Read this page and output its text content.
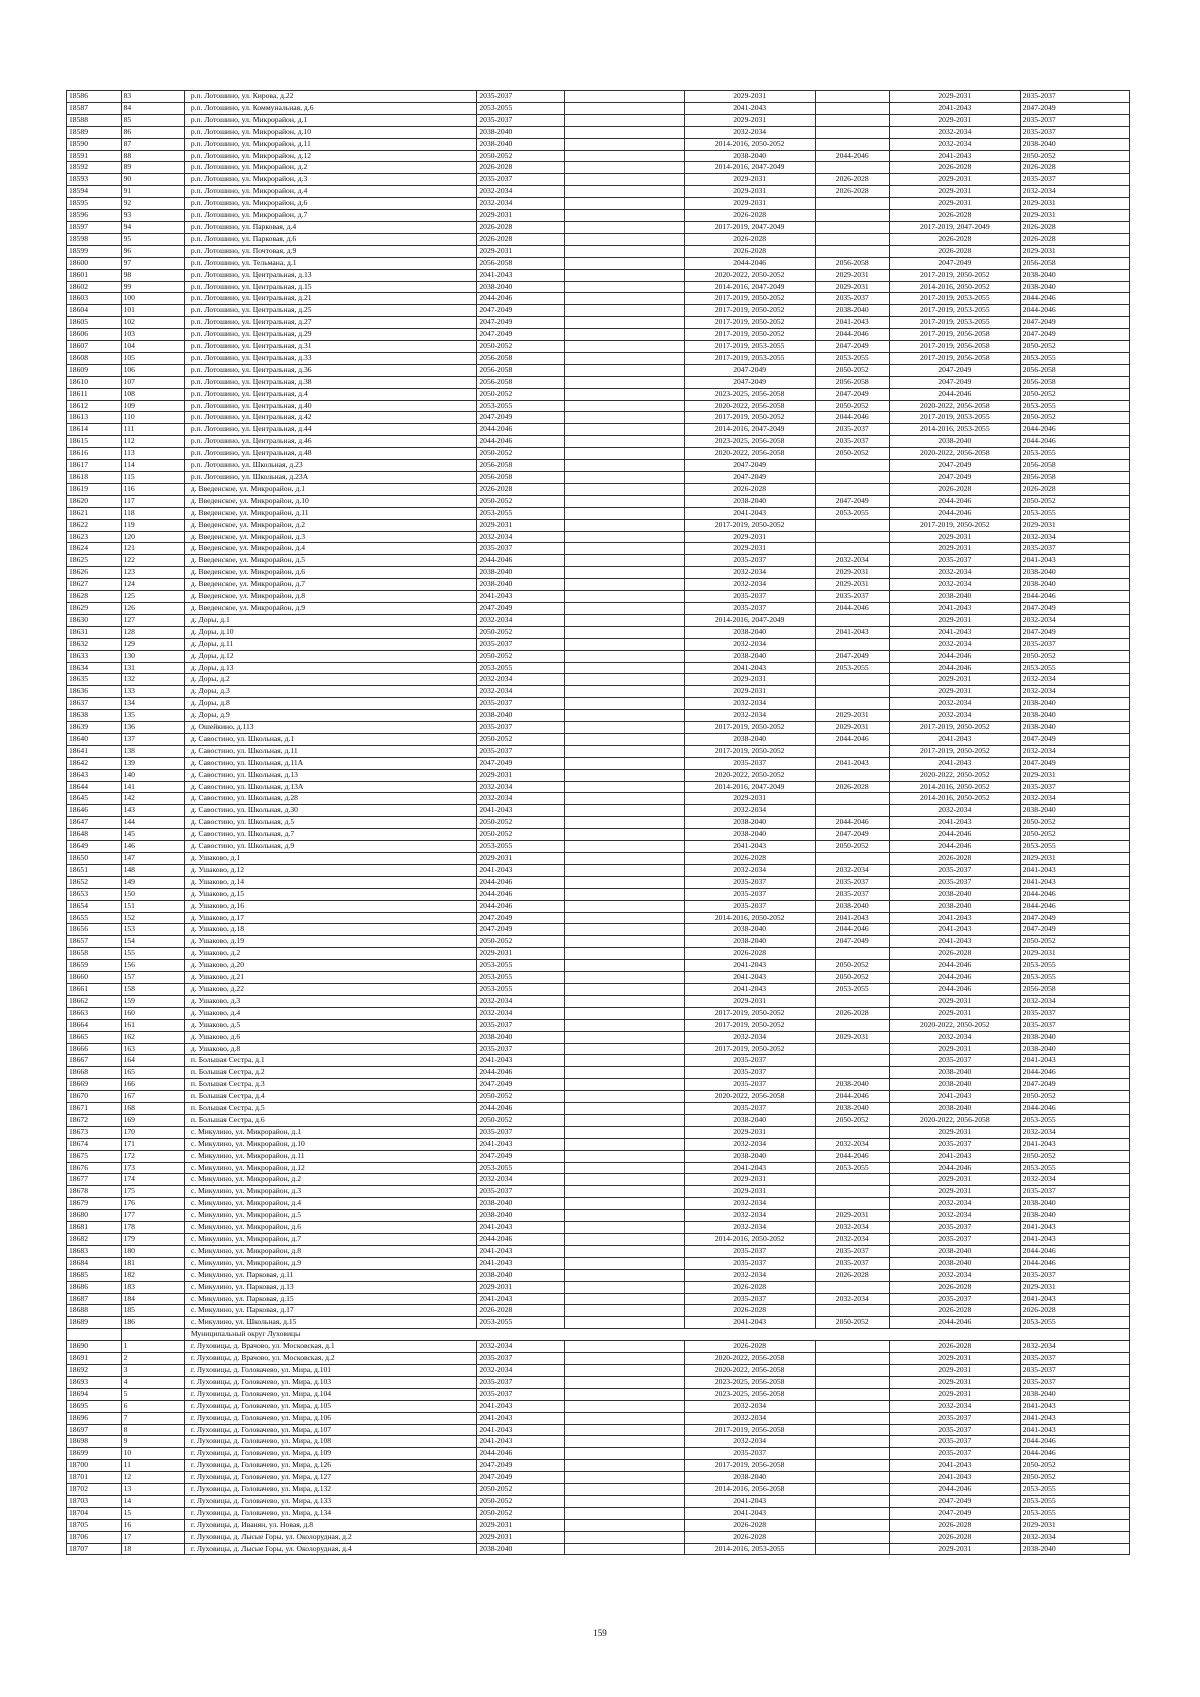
18586	83	р.п. Лотошино, ул. Кирова, д.22	2035-2037		2029-2031		2029-2031	2035-2037
18587	84	р.п. Лотошино, ул. Коммунальная, д.6	2053-2055		2041-2043		2041-2043	2047-2049
18588	85	р.п. Лотошино, ул. Микрорайон, д.1	2035-2037		2029-2031		2029-2031	2035-2037
18589	86	р.п. Лотошино, ул. Микрорайон, д.10	2038-2040		2032-2034		2032-2034	2035-2037
18590	87	р.п. Лотошино, ул. Микрорайон, д.11	2038-2040		2014-2016, 2050-2052		2032-2034	2038-2040
18591	88	р.п. Лотошино, ул. Микрорайон, д.12	2050-2052		2038-2040	2044-2046	2041-2043	2050-2052
18592	89	р.п. Лотошино, ул. Микрорайон, д.2	2026-2028		2014-2016, 2047-2049		2026-2028	2026-2028
18593	90	р.п. Лотошино, ул. Микрорайон, д.3	2035-2037		2029-2031	2026-2028	2029-2031	2035-2037
18594	91	р.п. Лотошино, ул. Микрорайон, д.4	2032-2034		2029-2031	2026-2028	2029-2031	2032-2034
18595	92	р.п. Лотошино, ул. Микрорайон, д.6	2032-2034		2029-2031		2029-2031	2029-2031
18596	93	р.п. Лотошино, ул. Микрорайон, д.7	2029-2031		2026-2028		2026-2028	2029-2031
18597	94	р.п. Лотошино, ул. Парковая, д.4	2026-2028		2017-2019, 2047-2049		2017-2019, 2047-2049	2026-2028
18598	95	р.п. Лотошино, ул. Парковая, д.6	2026-2028		2026-2028		2026-2028	2026-2028
18599	96	р.п. Лотошино, ул. Почтовая, д.9	2029-2031		2026-2028		2026-2028	2029-2031
18600	97	р.п. Лотошино, ул. Тельмана, д.1	2056-2058		2044-2046	2056-2058	2047-2049	2056-2058
18601	98	р.п. Лотошино, ул. Центральная, д.13	2041-2043		2020-2022, 2050-2052	2029-2031	2017-2019, 2050-2052	2038-2040
18602	99	р.п. Лотошино, ул. Центральная, д.15	2038-2040		2014-2016, 2047-2049	2029-2031	2014-2016, 2050-2052	2038-2040
18603	100	р.п. Лотошино, ул. Центральная, д.21	2044-2046		2017-2019, 2050-2052	2035-2037	2017-2019, 2053-2055	2044-2046
18604	101	р.п. Лотошино, ул. Центральная, д.25	2047-2049		2017-2019, 2050-2052	2038-2040	2017-2019, 2053-2055	2044-2046
18605	102	р.п. Лотошино, ул. Центральная, д.27	2047-2049		2017-2019, 2050-2052	2041-2043	2017-2019, 2053-2055	2047-2049
18606	103	р.п. Лотошино, ул. Центральная, д.29	2047-2049		2017-2019, 2050-2052	2044-2046	2017-2019, 2056-2058	2047-2049
18607	104	р.п. Лотошино, ул. Центральная, д.31	2050-2052		2017-2019, 2053-2055	2047-2049	2017-2019, 2056-2058	2050-2052
18608	105	р.п. Лотошино, ул. Центральная, д.33	2056-2058		2017-2019, 2053-2055	2053-2055	2017-2019, 2056-2058	2053-2055
18609	106	р.п. Лотошино, ул. Центральная, д.36	2056-2058		2047-2049	2050-2052	2047-2049	2056-2058
18610	107	р.п. Лотошино, ул. Центральная, д.38	2056-2058		2047-2049	2056-2058	2047-2049	2056-2058
18611	108	р.п. Лотошино, ул. Центральная, д.4	2050-2052		2023-2025, 2056-2058	2047-2049	2044-2046	2050-2052
18612	109	р.п. Лотошино, ул. Центральная, д.40	2053-2055		2020-2022, 2056-2058	2050-2052	2020-2022, 2056-2058	2053-2055
18613	110	р.п. Лотошино, ул. Центральная, д.42	2047-2049		2017-2019, 2050-2052	2044-2046	2017-2019, 2053-2055	2050-2052
18614	111	р.п. Лотошино, ул. Центральная, д.44	2044-2046		2014-2016, 2047-2049	2035-2037	2014-2016, 2053-2055	2044-2046
18615	112	р.п. Лотошино, ул. Центральная, д.46	2044-2046		2023-2025, 2056-2058	2035-2037	2038-2040	2044-2046
18616	113	р.п. Лотошино, ул. Центральная, д.48	2050-2052		2020-2022, 2056-2058	2050-2052	2020-2022, 2056-2058	2053-2055
18617	114	р.п. Лотошино, ул. Школьная, д.23	2056-2058		2047-2049		2047-2049	2056-2058
18618	115	р.п. Лотошино, ул. Школьная, д.23А	2056-2058		2047-2049		2047-2049	2056-2058
18619	116	д. Введенское, ул. Микрорайон, д.1	2026-2028		2026-2028		2026-2028	2026-2028
18620	117	д. Введенское, ул. Микрорайон, д.10	2050-2052		2038-2040	2047-2049	2044-2046	2050-2052
18621	118	д. Введенское, ул. Микрорайон, д.11	2053-2055		2041-2043	2053-2055	2044-2046	2053-2055
18622	119	д. Введенское, ул. Микрорайон, д.2	2029-2031		2017-2019, 2050-2052		2017-2019, 2050-2052	2029-2031
18623	120	д. Введенское, ул. Микрорайон, д.3	2032-2034		2029-2031		2029-2031	2032-2034
18624	121	д. Введенское, ул. Микрорайон, д.4	2035-2037		2029-2031		2029-2031	2035-2037
18625	122	д. Введенское, ул. Микрорайон, д.5	2044-2046		2035-2037	2032-2034	2035-2037	2041-2043
18626	123	д. Введенское, ул. Микрорайон, д.6	2038-2040		2032-2034	2029-2031	2032-2034	2038-2040
18627	124	д. Введенское, ул. Микрорайон, д.7	2038-2040		2032-2034	2029-2031	2032-2034	2038-2040
18628	125	д. Введенское, ул. Микрорайон, д.8	2041-2043		2035-2037	2035-2037	2038-2040	2044-2046
18629	126	д. Введенское, ул. Микрорайон, д.9	2047-2049		2035-2037	2044-2046	2041-2043	2047-2049
18630	127	д. Доры, д.1	2032-2034		2014-2016, 2047-2049		2029-2031	2032-2034
18631	128	д. Доры, д.10	2050-2052		2038-2040	2041-2043	2041-2043	2047-2049
18632	129	д. Доры, д.11	2035-2037		2032-2034		2032-2034	2035-2037
18633	130	д. Доры, д.12	2050-2052		2038-2040	2047-2049	2044-2046	2050-2052
18634	131	д. Доры, д.13	2053-2055		2041-2043	2053-2055	2044-2046	2053-2055
18635	132	д. Доры, д.2	2032-2034		2029-2031		2029-2031	2032-2034
18636	133	д. Доры, д.3	2032-2034		2029-2031		2029-2031	2032-2034
18637	134	д. Доры, д.8	2035-2037		2032-2034		2032-2034	2038-2040
18638	135	д. Доры, д.9	2038-2040		2032-2034	2029-2031	2032-2034	2038-2040
18639	136	д. Ошейкино, д.113	2035-2037		2017-2019, 2050-2052	2029-2031	2017-2019, 2050-2052	2038-2040
18640	137	д. Савостино, ул. Школьная, д.1	2050-2052		2038-2040	2044-2046	2041-2043	2047-2049
18641	138	д. Савостино, ул. Школьная, д.11	2035-2037		2017-2019, 2050-2052		2017-2019, 2050-2052	2032-2034
18642	139	д. Савостино, ул. Школьная, д.11А	2047-2049		2035-2037	2041-2043	2041-2043	2047-2049
18643	140	д. Савостино, ул. Школьная, д.13	2029-2031		2020-2022, 2050-2052		2020-2022, 2050-2052	2029-2031
18644	141	д. Савостино, ул. Школьная, д.13А	2032-2034		2014-2016, 2047-2049	2026-2028	2014-2016, 2050-2052	2035-2037
18645	142	д. Савостино, ул. Школьная, д.28	2032-2034		2029-2031		2014-2016, 2050-2052	2032-2034
18646	143	д. Савостино, ул. Школьная, д.30	2041-2043		2032-2034		2032-2034	2038-2040
18647	144	д. Савостино, ул. Школьная, д.5	2050-2052		2038-2040	2044-2046	2041-2043	2050-2052
18648	145	д. Савостино, ул. Школьная, д.7	2050-2052		2038-2040	2047-2049	2044-2046	2050-2052
18649	146	д. Савостино, ул. Школьная, д.9	2053-2055		2041-2043	2050-2052	2044-2046	2053-2055
18650	147	д. Ушаково, д.1	2029-2031		2026-2028		2026-2028	2029-2031
18651	148	д. Ушаково, д.12	2041-2043		2032-2034	2032-2034	2035-2037	2041-2043
18652	149	д. Ушаково, д.14	2044-2046		2035-2037	2035-2037	2035-2037	2041-2043
18653	150	д. Ушаково, д.15	2044-2046		2035-2037	2035-2037	2038-2040	2044-2046
18654	151	д. Ушаково, д.16	2044-2046		2035-2037	2038-2040	2038-2040	2044-2046
18655	152	д. Ушаково, д.17	2047-2049		2014-2016, 2050-2052	2041-2043	2041-2043	2047-2049
18656	153	д. Ушаково, д.18	2047-2049		2038-2040	2044-2046	2041-2043	2047-2049
18657	154	д. Ушаково, д.19	2050-2052		2038-2040	2047-2049	2041-2043	2050-2052
18658	155	д. Ушаково, д.2	2029-2031		2026-2028		2026-2028	2029-2031
18659	156	д. Ушаково, д.20	2053-2055		2041-2043	2050-2052	2044-2046	2053-2055
18660	157	д. Ушаково, д.21	2053-2055		2041-2043	2050-2052	2044-2046	2053-2055
18661	158	д. Ушаково, д.22	2053-2055		2041-2043	2053-2055	2044-2046	2056-2058
18662	159	д. Ушаково, д.3	2032-2034		2029-2031		2029-2031	2032-2034
18663	160	д. Ушаково, д.4	2032-2034		2017-2019, 2050-2052	2026-2028	2029-2031	2035-2037
18664	161	д. Ушаково, д.5	2035-2037		2017-2019, 2050-2052		2020-2022, 2050-2052	2035-2037
18665	162	д. Ушаково, д.6	2038-2040		2032-2034	2029-2031	2032-2034	2038-2040
18666	163	д. Ушаково, д.8	2035-2037		2017-2019, 2050-2052		2029-2031	2038-2040
18667	164	п. Большая Сестра, д.1	2041-2043		2035-2037		2035-2037	2041-2043
18668	165	п. Большая Сестра, д.2	2044-2046		2035-2037		2038-2040	2044-2046
18669	166	п. Большая Сестра, д.3	2047-2049		2035-2037	2038-2040	2038-2040	2047-2049
18670	167	п. Большая Сестра, д.4	2050-2052		2020-2022, 2056-2058	2044-2046	2041-2043	2050-2052
18671	168	п. Большая Сестра, д.5	2044-2046		2035-2037	2038-2040	2038-2040	2044-2046
18672	169	п. Большая Сестра, д.6	2050-2052		2038-2040	2050-2052	2020-2022, 2056-2058	2053-2055
18673	170	с. Микулино, ул. Микрорайон, д.1	2035-2037		2029-2031		2029-2031	2032-2034
18674	171	с. Микулино, ул. Микрорайон, д.10	2041-2043		2032-2034	2032-2034	2035-2037	2041-2043
18675	172	с. Микулино, ул. Микрорайон, д.11	2047-2049		2038-2040	2044-2046	2041-2043	2050-2052
18676	173	с. Микулино, ул. Микрорайон, д.12	2053-2055		2041-2043	2053-2055	2044-2046	2053-2055
18677	174	с. Микулино, ул. Микрорайон, д.2	2032-2034		2029-2031		2029-2031	2032-2034
18678	175	с. Микулино, ул. Микрорайон, д.3	2035-2037		2029-2031		2029-2031	2035-2037
18679	176	с. Микулино, ул. Микрорайон, д.4	2038-2040		2032-2034		2032-2034	2038-2040
18680	177	с. Микулино, ул. Микрорайон, д.5	2038-2040		2032-2034	2029-2031	2032-2034	2038-2040
18681	178	с. Микулино, ул. Микрорайон, д.6	2041-2043		2032-2034	2032-2034	2035-2037	2041-2043
18682	179	с. Микулино, ул. Микрорайон, д.7	2044-2046		2014-2016, 2050-2052	2032-2034	2035-2037	2041-2043
18683	180	с. Микулино, ул. Микрорайон, д.8	2041-2043		2035-2037	2035-2037	2038-2040	2044-2046
18684	181	с. Микулино, ул. Микрорайон, д.9	2041-2043		2035-2037	2035-2037	2038-2040	2044-2046
18685	182	с. Микулино, ул. Парковая, д.11	2038-2040		2032-2034	2026-2028	2032-2034	2035-2037
18686	183	с. Микулино, ул. Парковая, д.13	2029-2031		2026-2028		2026-2028	2029-2031
18687	184	с. Микулино, ул. Парковая, д.15	2041-2043		2035-2037	2032-2034	2035-2037	2041-2043
18688	185	с. Микулино, ул. Парковая, д.17	2026-2028		2026-2028		2026-2028	2026-2028
18689	186	с. Микулино, ул. Школьная, д.15	2053-2055		2041-2043	2050-2052	2044-2046	2053-2055
		Муниципальный округ Луховицы						
18690	1	г. Луховицы, д. Врачово, ул. Московская, д.1	2032-2034		2026-2028		2026-2028	2032-2034
18691	2	г. Луховицы, д. Врачово, ул. Московская, д.2	2035-2037		2020-2022, 2056-2058		2029-2031	2035-2037
18692	3	г. Луховицы, д. Головачево, ул. Мира, д.101	2032-2034		2020-2022, 2056-2058		2029-2031	2035-2037
18693	4	г. Луховицы, д. Головачево, ул. Мира, д.103	2035-2037		2023-2025, 2056-2058		2029-2031	2035-2037
18694	5	г. Луховицы, д. Головачево, ул. Мира, д.104	2035-2037		2023-2025, 2056-2058		2029-2031	2038-2040
18695	6	г. Луховицы, д. Головачево, ул. Мира, д.105	2041-2043		2032-2034		2032-2034	2041-2043
18696	7	г. Луховицы, д. Головачево, ул. Мира, д.106	2041-2043		2032-2034		2035-2037	2041-2043
18697	8	г. Луховицы, д. Головачево, ул. Мира, д.107	2041-2043		2017-2019, 2056-2058		2035-2037	2041-2043
18698	9	г. Луховицы, д. Головачево, ул. Мира, д.108	2041-2043		2032-2034		2035-2037	2044-2046
18699	10	г. Луховицы, д. Головачево, ул. Мира, д.109	2044-2046		2035-2037		2035-2037	2044-2046
18700	11	г. Луховицы, д. Головачево, ул. Мира, д.126	2047-2049		2017-2019, 2056-2058		2041-2043	2050-2052
18701	12	г. Луховицы, д. Головачево, ул. Мира, д.127	2047-2049		2038-2040		2041-2043	2050-2052
18702	13	г. Луховицы, д. Головачево, ул. Мира, д.132	2050-2052		2014-2016, 2056-2058		2044-2046	2053-2055
18703	14	г. Луховицы, д. Головачево, ул. Мира, д.133	2050-2052		2041-2043		2047-2049	2053-2055
18704	15	г. Луховицы, д. Головачево, ул. Мира, д.134	2050-2052		2041-2043		2047-2049	2053-2055
18705	16	г. Луховицы, д. Иванян, ул. Новая, д.8	2029-2031		2026-2028		2026-2028	2029-2031
18706	17	г. Луховицы, д. Лысые Горы, ул. Околорудная, д.2	2029-2031		2026-2028		2026-2028	2032-2034
18707	18	г. Луховицы, д. Лысые Горы, ул. Околорудная, д.4	2038-2040		2014-2016, 2053-2055		2029-2031	2038-2040
159
